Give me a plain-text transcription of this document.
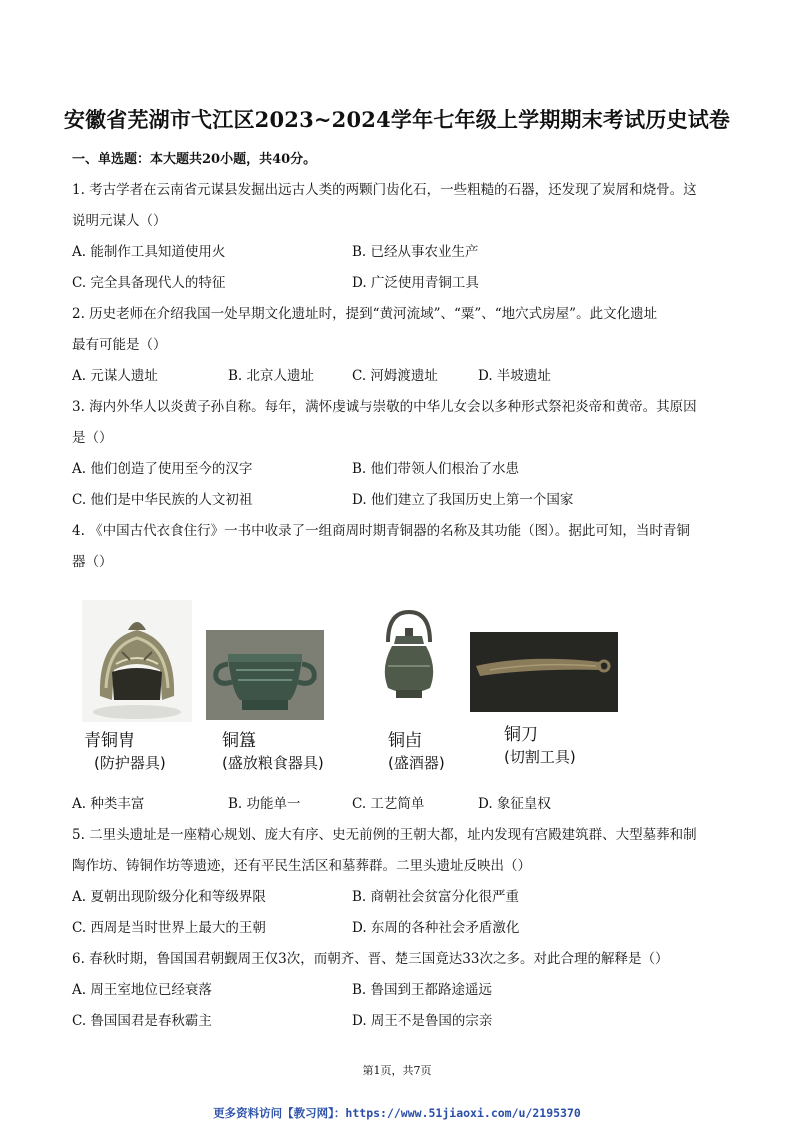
安徽省芜湖市弋江区2023~2024学年七年级上学期期末考试历史试卷
一、单选题：本大题共20小题，共40分。
1. 考古学者在云南省元谋县发掘出远古人类的两颗门齿化石，一些粗糙的石器，还发现了炭屑和烧骨。这
说明元谋人（）
A. 能制作工具知道使用火	B. 已经从事农业生产
C. 完全具备现代人的特征	D. 广泛使用青铜工具
2. 历史老师在介绍我国一处早期文化遗址时，提到“黄河流域”、“粟”、“地穴式房屋”。此文化遗址
最有可能是（）
A. 元谋人遗址	B. 北京人遗址	C. 河姆渡遗址	D. 半坡遗址
3. 海内外华人以炎黄子孙自称。每年，满怀虔诚与崇敬的中华儿女会以多种形式祭祀炎帝和黄帝。其原因
是（）
A. 他们创造了使用至今的汉字	B. 他们带领人们根治了水患
C. 他们是中华民族的人文初祖	D. 他们建立了我国历史上第一个国家
4. 《中国古代衣食住行》一书中收录了一组商周时期青铜器的名称及其功能（图）。据此可知，当时青铜
器（）
青铜胄
(防护器具)
铜簋
(盛放粮食器具)
铜卣
(盛酒器)
铜刀
(切割工具)
A. 种类丰富	B. 功能单一	C. 工艺简单	D. 象征皇权
5. 二里头遗址是一座精心规划、庞大有序、史无前例的王朝大都，址内发现有宫殿建筑群、大型墓葬和制
陶作坊、铸铜作坊等遗迹，还有平民生活区和墓葬群。二里头遗址反映出（）
A. 夏朝出现阶级分化和等级界限	B. 商朝社会贫富分化很严重
C. 西周是当时世界上最大的王朝	D. 东周的各种社会矛盾激化
6. 春秋时期，鲁国国君朝觐周王仅3次，而朝齐、晋、楚三国竟达33次之多。对此合理的解释是（）
A. 周王室地位已经衰落	B. 鲁国到王都路途遥远
C. 鲁国国君是春秋霸主	D. 周王不是鲁国的宗亲
第1页，共7页
更多资料访问【教习网】：https://www.51jiaoxi.com/u/2195370
